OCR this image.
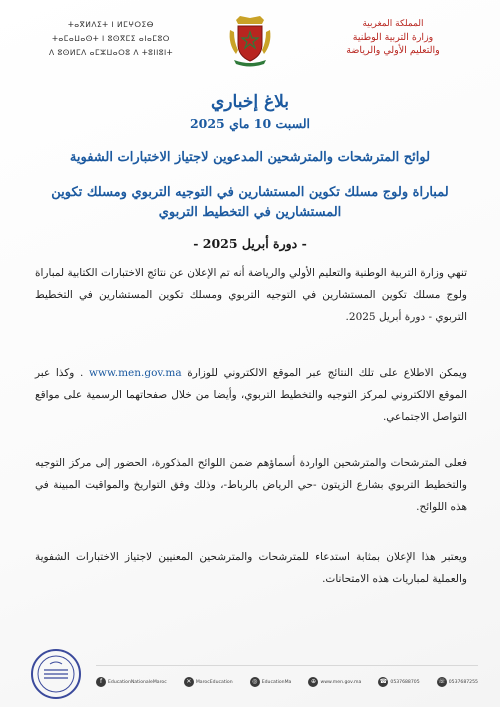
المملكة المغربية
وزارة التربية الوطنية
والتعليم الأولي والرياضة
ⵜⴰⴳⵍⴷⵉⵜ ⵏ ⵍⵎⵖⵔⵉⴱ
ⵜⴰⵎⴰⵡⴰⵙⵜ ⵏ ⵓⵙⴳⵎⵉ ⴰⵏⴰⵎⵓⵔ
ⴷ ⵓⵙⵍⵎⴷ ⴰⵎⵣⵡⴰⵔⵓ ⴷ ⵜⵓⵏⵏⵓⵏⵜ
بلاغ إخباري
السبت 10 ماي 2025
لوائح المترشحات والمترشحين المدعوين لاجتياز الاختبارات الشفوية
لمباراة ولوج مسلك تكوين المستشارين في التوجيه التربوي ومسلك تكوين المستشارين في التخطيط التربوي
- دورة أبريل 2025 -
تنهي وزارة التربية الوطنية والتعليم الأولي والرياضة أنه تم الإعلان عن نتائج الاختبارات الكتابية لمباراة ولوج مسلك تكوين المستشارين في التوجيه التربوي ومسلك تكوين المستشارين في التخطيط التربوي - دورة أبريل 2025.
ويمكن الاطلاع على تلك النتائج عبر الموقع الالكتروني للوزارة www.men.gov.ma . وكذا عبر الموقع الالكتروني لمركز التوجيه والتخطيط التربوي، وأيضا من خلال صفحاتهما الرسمية على مواقع التواصل الاجتماعي.
فعلى المترشحات والمترشحين الواردة أسماؤهم ضمن اللوائح المذكورة، الحضور إلى مركز التوجيه والتخطيط التربوي بشارع الزيتون -حي الرياض بالرباط-، وذلك وفق التواريخ والمواقيت المبينة في هذه اللوائح.
ويعتبر هذا الإعلان بمثابة استدعاء للمترشحات والمترشحين المعنيين لاجتياز الاختبارات الشفوية والعملية لمباريات هذه الامتحانات.
f	EducationNationaleMaroc	✕ MarocEducation	◎ EducationMa	⊕ www.men.gov.ma	☎ 0537688705	☏ 0537687255
